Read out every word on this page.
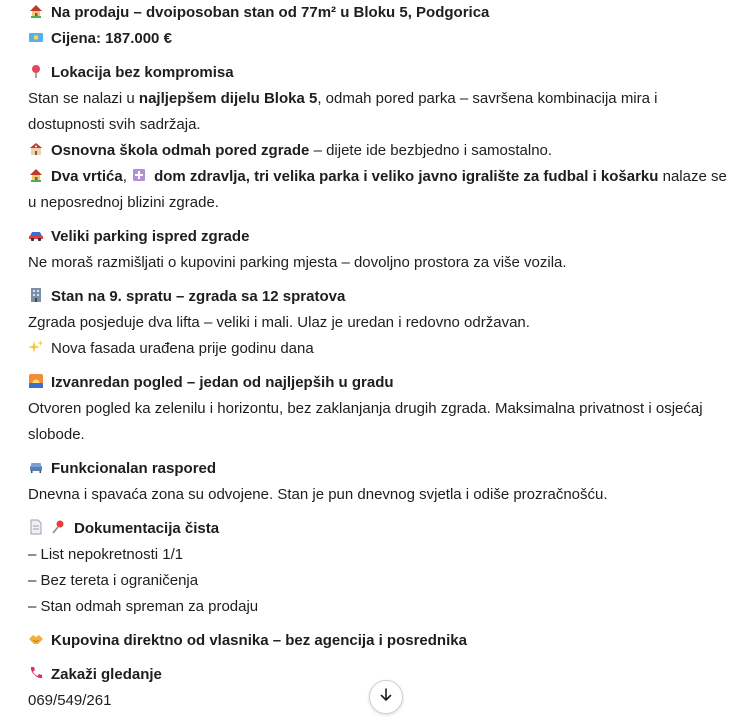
Na prodaju – dvoiposoban stan od 77m² u Bloku 5, Podgorica
Cijena: 187.000 €
Lokacija bez kompromisa
Stan se nalazi u najljepšem dijelu Bloka 5, odmah pored parka – savršena kombinacija mira i dostupnosti svih sadržaja.
Osnovna škola odmah pored zgrade – dijete ide bezbjedno i samostalno.
Dva vrtića, dom zdravlja, tri velika parka i veliko javno igralište za fudbal i košarku nalaze se u neposrednoj blizini zgrade.
Veliki parking ispred zgrade
Ne moraš razmišljati o kupovini parking mjesta – dovoljno prostora za više vozila.
Stan na 9. spratu – zgrada sa 12 spratova
Zgrada posjeduje dva lifta – veliki i mali. Ulaz je uredan i redovno održavan.
Nova fasada urađena prije godinu dana
Izvanredan pogled – jedan od najljepših u gradu
Otvoren pogled ka zelenilu i horizontu, bez zaklanjanja drugih zgrada. Maksimalna privatnost i osjećaj slobode.
Funkcionalan raspored
Dnevna i spavaća zona su odvojene. Stan je pun dnevnog svjetla i odiše prozračnošću.
Dokumentacija čista
– List nepokretnosti 1/1
– Bez tereta i ograničenja
– Stan odmah spreman za prodaju
Kupovina direktno od vlasnika – bez agencija i posrednika
Zakaži gledanje
069/549/261
